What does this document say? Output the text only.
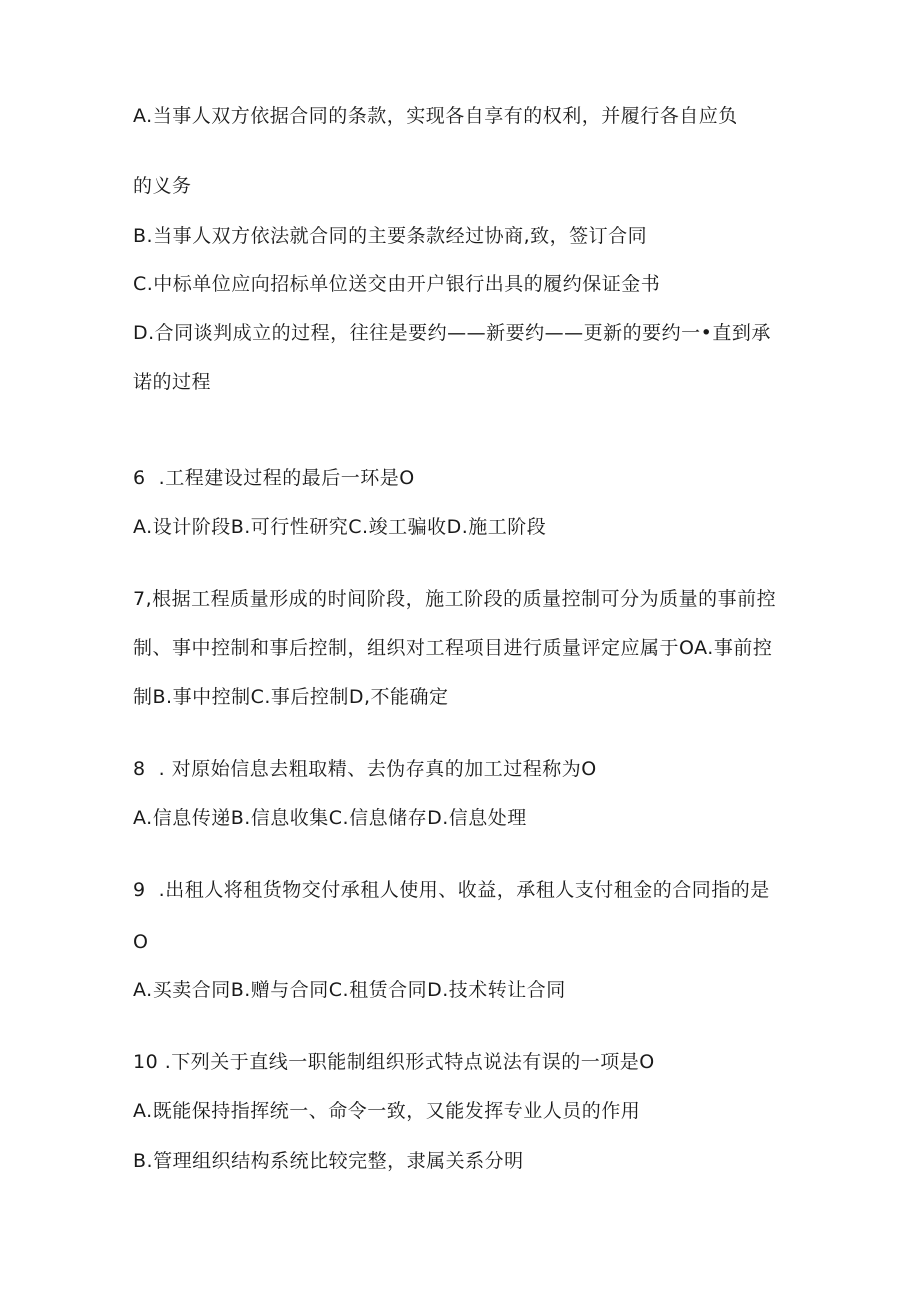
A.当事人双方依据合同的条款，实现各自享有的权利，并履行各自应负
的义务
B.当事人双方依法就合同的主要条款经过协商,致，签订合同
C.中标单位应向招标单位送交由开户银行出具的履约保证金书
D.合同谈判成立的过程，往往是要约——新要约——更新的要约一•直到承
诺的过程
6  .工程建设过程的最后一环是O
A.设计阶段B.可行性研究C.竣工骗收D.施工阶段
7,根据工程质量形成的时间阶段，施工阶段的质量控制可分为质量的事前控
制、事中控制和事后控制，组织对工程项目进行质量评定应属于OA.事前控
制B.事中控制C.事后控制D,不能确定
8  . 对原始信息去粗取精、去伪存真的加工过程称为O
A.信息传递B.信息收集C.信息储存D.信息处理
9  .出租人将租货物交付承租人使用、收益，承租人支付租金的合同指的是
O
A.买卖合同B.赠与合同C.租赁合同D.技术转让合同
10 .下列关于直线一职能制组织形式特点说法有误的一项是O
A.既能保持指挥统一、命令一致，又能发挥专业人员的作用
B.管理组织结构系统比较完整，隶属关系分明
